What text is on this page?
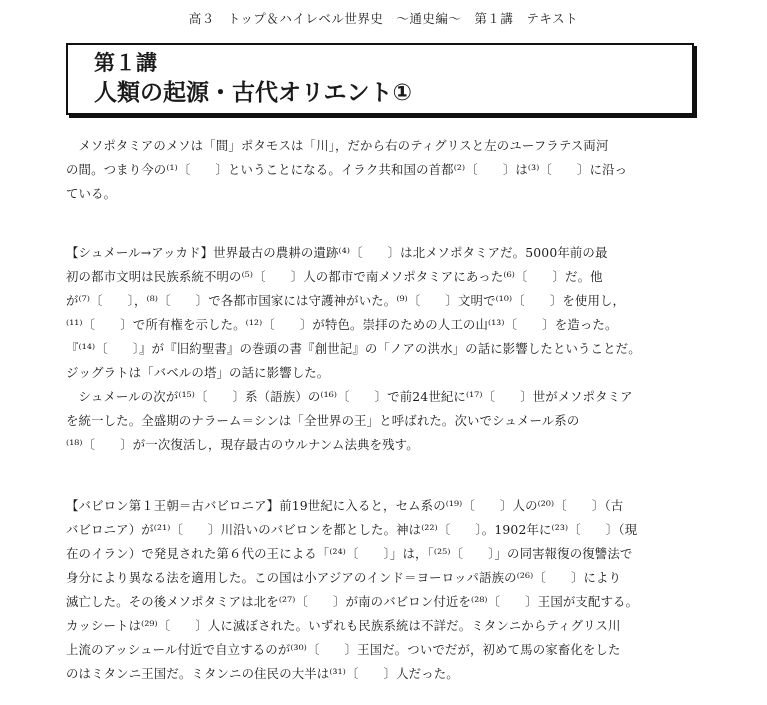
高３　トップ＆ハイレベル世界史　～通史編～　第１講　テキスト
第１講
人類の起源・古代オリエント①
　メソポタミアのメソは「間」ポタモスは「川」，だから右のティグリスと左のユーフラテス両河
の間。つまり今の⁽¹⁾〔　　〕ということになる。イラク共和国の首都⁽²⁾〔　　〕は⁽³⁾〔　　〕に沿っ
ている。
【シュメール→アッカド】世界最古の農耕の遺跡⁽⁴⁾〔　　〕は北メソポタミアだ。5000年前の最
初の都市文明は民族系統不明の⁽⁵⁾〔　　〕人の都市で南メソポタミアにあった⁽⁶⁾〔　　〕だ。他
が⁽⁷⁾〔　　〕，⁽⁸⁾〔　　〕で各都市国家には守護神がいた。⁽⁹⁾〔　　〕文明で⁽¹⁰⁾〔　　〕を使用し，
⁽¹¹⁾〔　　〕で所有権を示した。⁽¹²⁾〔　　〕が特色。崇拝のための人工の山⁽¹³⁾〔　　〕を造った。
『⁽¹⁴⁾〔　　〕』が『旧約聖書』の巻頭の書『創世記』の「ノアの洪水」の話に影響したということだ。
ジッグラトは「バベルの塔」の話に影響した。
　シュメールの次が⁽¹⁵⁾〔　　〕系（語族）の⁽¹⁶⁾〔　　〕で前24世紀に⁽¹⁷⁾〔　　〕世がメソポタミア
を統一した。全盛期のナラーム＝シンは「全世界の王」と呼ばれた。次いでシュメール系の
⁽¹⁸⁾〔　　〕が一次復活し，現存最古のウルナンム法典を残す。
【バビロン第１王朝＝古バビロニア】前19世紀に入ると，セム系の⁽¹⁹⁾〔　　〕人の⁽²⁰⁾〔　　〕（古
バビロニア）が⁽²¹⁾〔　　〕川沿いのバビロンを都とした。神は⁽²²⁾〔　　〕。1902年に⁽²³⁾〔　　〕（現
在のイラン）で発見された第６代の王による「⁽²⁴⁾〔　　〕」は，「⁽²⁵⁾〔　　〕」の同害報復の復讐法で
身分により異なる法を適用した。この国は小アジアのインド＝ヨーロッパ語族の⁽²⁶⁾〔　　〕により
滅亡した。その後メソポタミアは北を⁽²⁷⁾〔　　〕が南のバビロン付近を⁽²⁸⁾〔　　〕王国が支配する。
カッシートは⁽²⁹⁾〔　　〕人に滅ぼされた。いずれも民族系統は不詳だ。ミタンニからティグリス川
上流のアッシュール付近で自立するのが⁽³⁰⁾〔　　〕王国だ。ついでだが，初めて馬の家畜化をした
のはミタンニ王国だ。ミタンニの住民の大半は⁽³¹⁾〔　　〕人だった。
